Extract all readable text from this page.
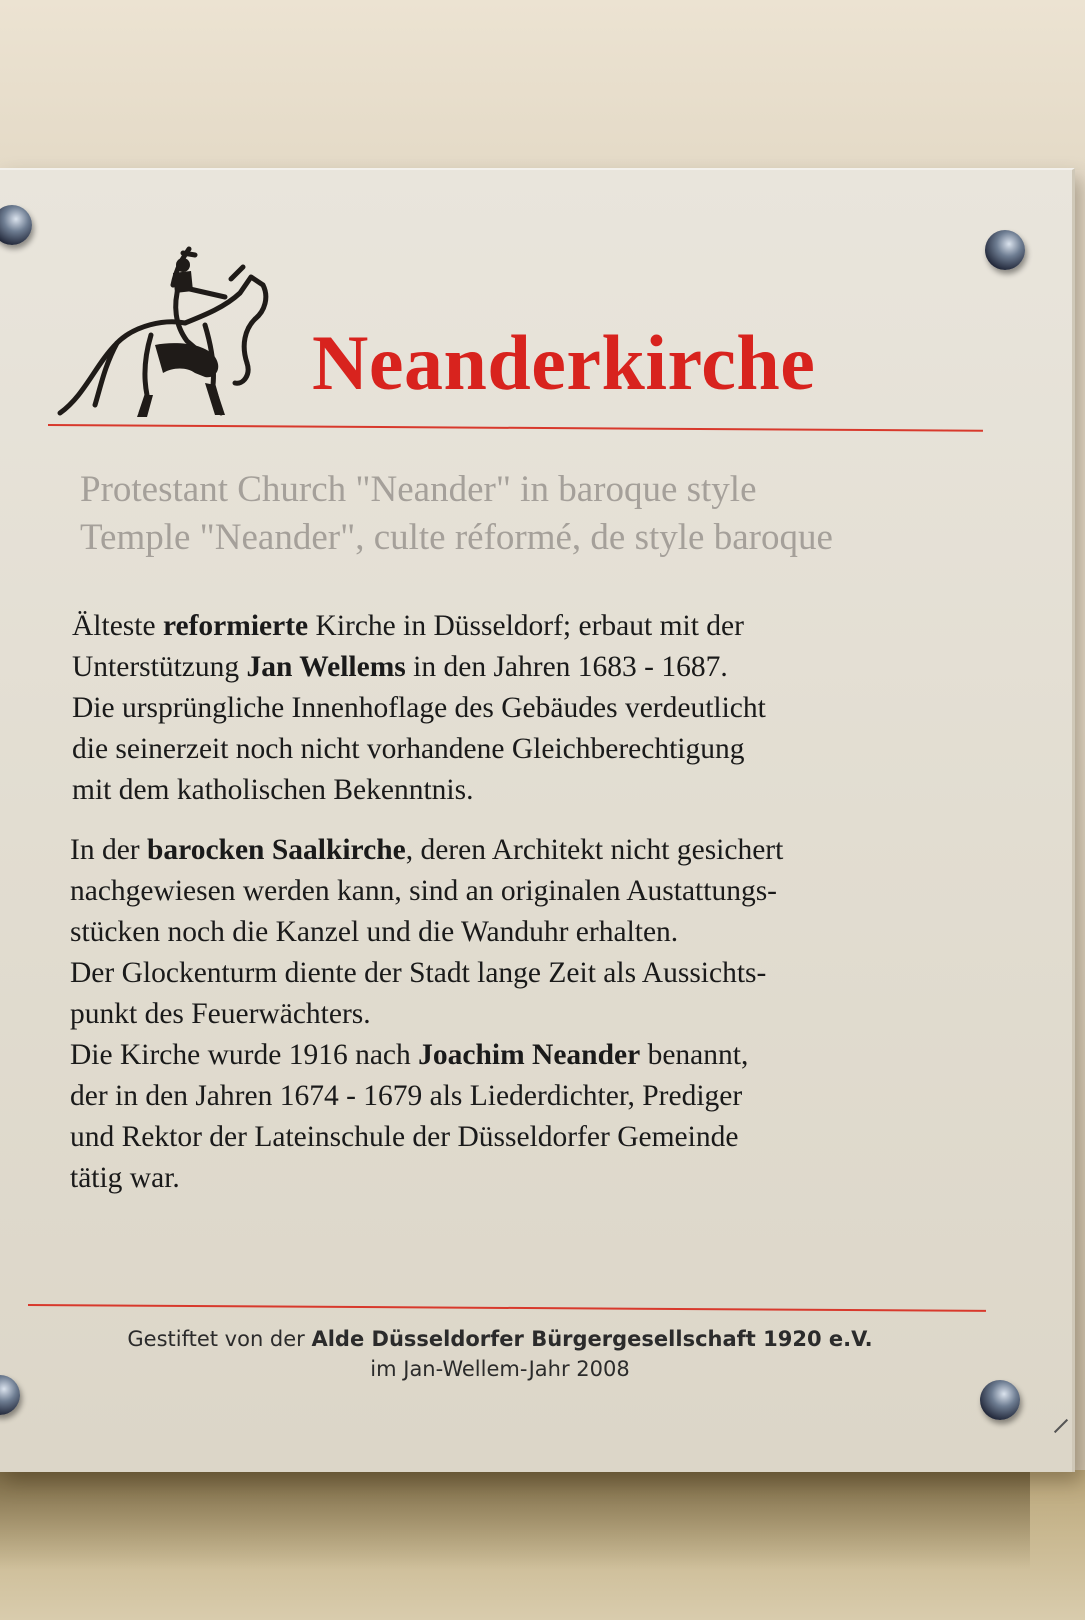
Neanderkirche
Protestant Church "Neander" in baroque style
Temple "Neander", culte réformé, de style baroque
Älteste reformierte Kirche in Düsseldorf; erbaut mit der
Unterstützung Jan Wellems in den Jahren 1683 - 1687.
Die ursprüngliche Innenhoflage des Gebäudes verdeutlicht
die seinerzeit noch nicht vorhandene Gleichberechtigung
mit dem katholischen Bekenntnis.
In der barocken Saalkirche, deren Architekt nicht gesichert
nachgewiesen werden kann, sind an originalen Austattungs-
stücken noch die Kanzel und die Wanduhr erhalten.
Der Glockenturm diente der Stadt lange Zeit als Aussichts-
punkt des Feuerwächters.
Die Kirche wurde 1916 nach Joachim Neander benannt,
der in den Jahren 1674 - 1679 als Liederdichter, Prediger
und Rektor der Lateinschule der Düsseldorfer Gemeinde
tätig war.
Gestiftet von der Alde Düsseldorfer Bürgergesellschaft 1920 e.V.
im Jan-Wellem-Jahr 2008
